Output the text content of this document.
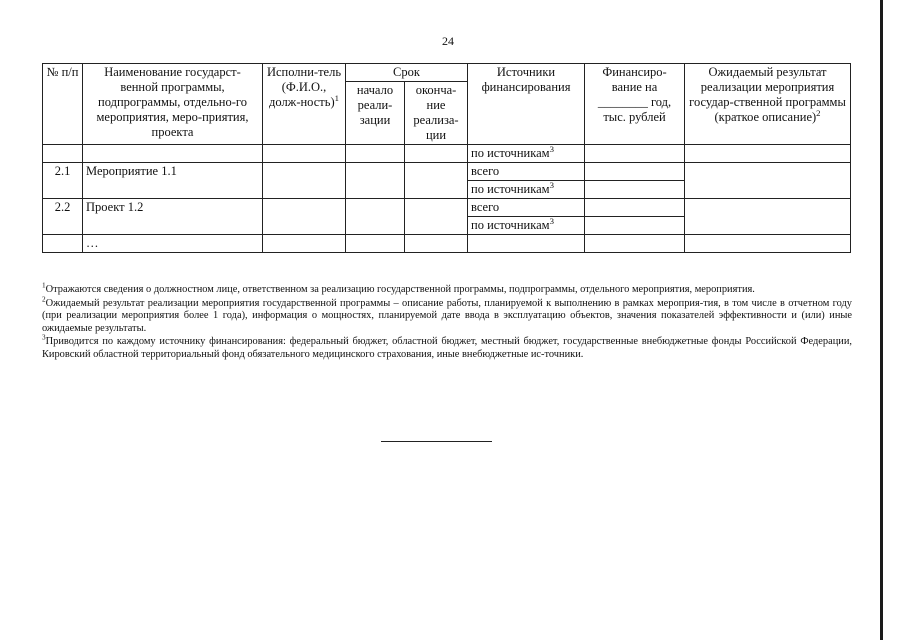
24
№ п/п	Наименование государст-венной программы, подпрограммы, отдельно-го мероприятия, меро-приятия, проекта	Исполни-тель (Ф.И.О., долж-ность)$^1$	Срок		Источники финансирования	Финансиро-вание на ________ год, тыс. рублей	Ожидаемый результат реализации мероприятия государ-ственной программы (краткое описание)$^2$
			начало реали-зации	оконча-ние реализа-ции			
					по источникам$^3$		
2.1	Мероприятие 1.1				всего		
					по источникам$^3$	
2.2	Проект 1.2				всего		
					по источникам$^3$	
	…						

$^1$Отражаются сведения о должностном лице, ответственном за реализацию государственной программы, подпрограммы, отдельного мероприятия, мероприятия.

$^2$Ожидаемый результат реализации мероприятия государственной программы – описание работы, планируемой к выполнению в рамках мероприя-тия, в том числе в отчетном году (при реализации мероприятия более 1 года), информация о мощностях, планируемой дате ввода в эксплуатацию объектов, значения показателей эффективности и (или) иные ожидаемые результаты.

$^3$Приводится по каждому источнику финансирования: федеральный бюджет, областной бюджет, местный бюджет, государственные внебюджетные фонды Российской Федерации, Кировский областной территориальный фонд обязательного медицинского страхования, иные внебюджетные ис-точники.
